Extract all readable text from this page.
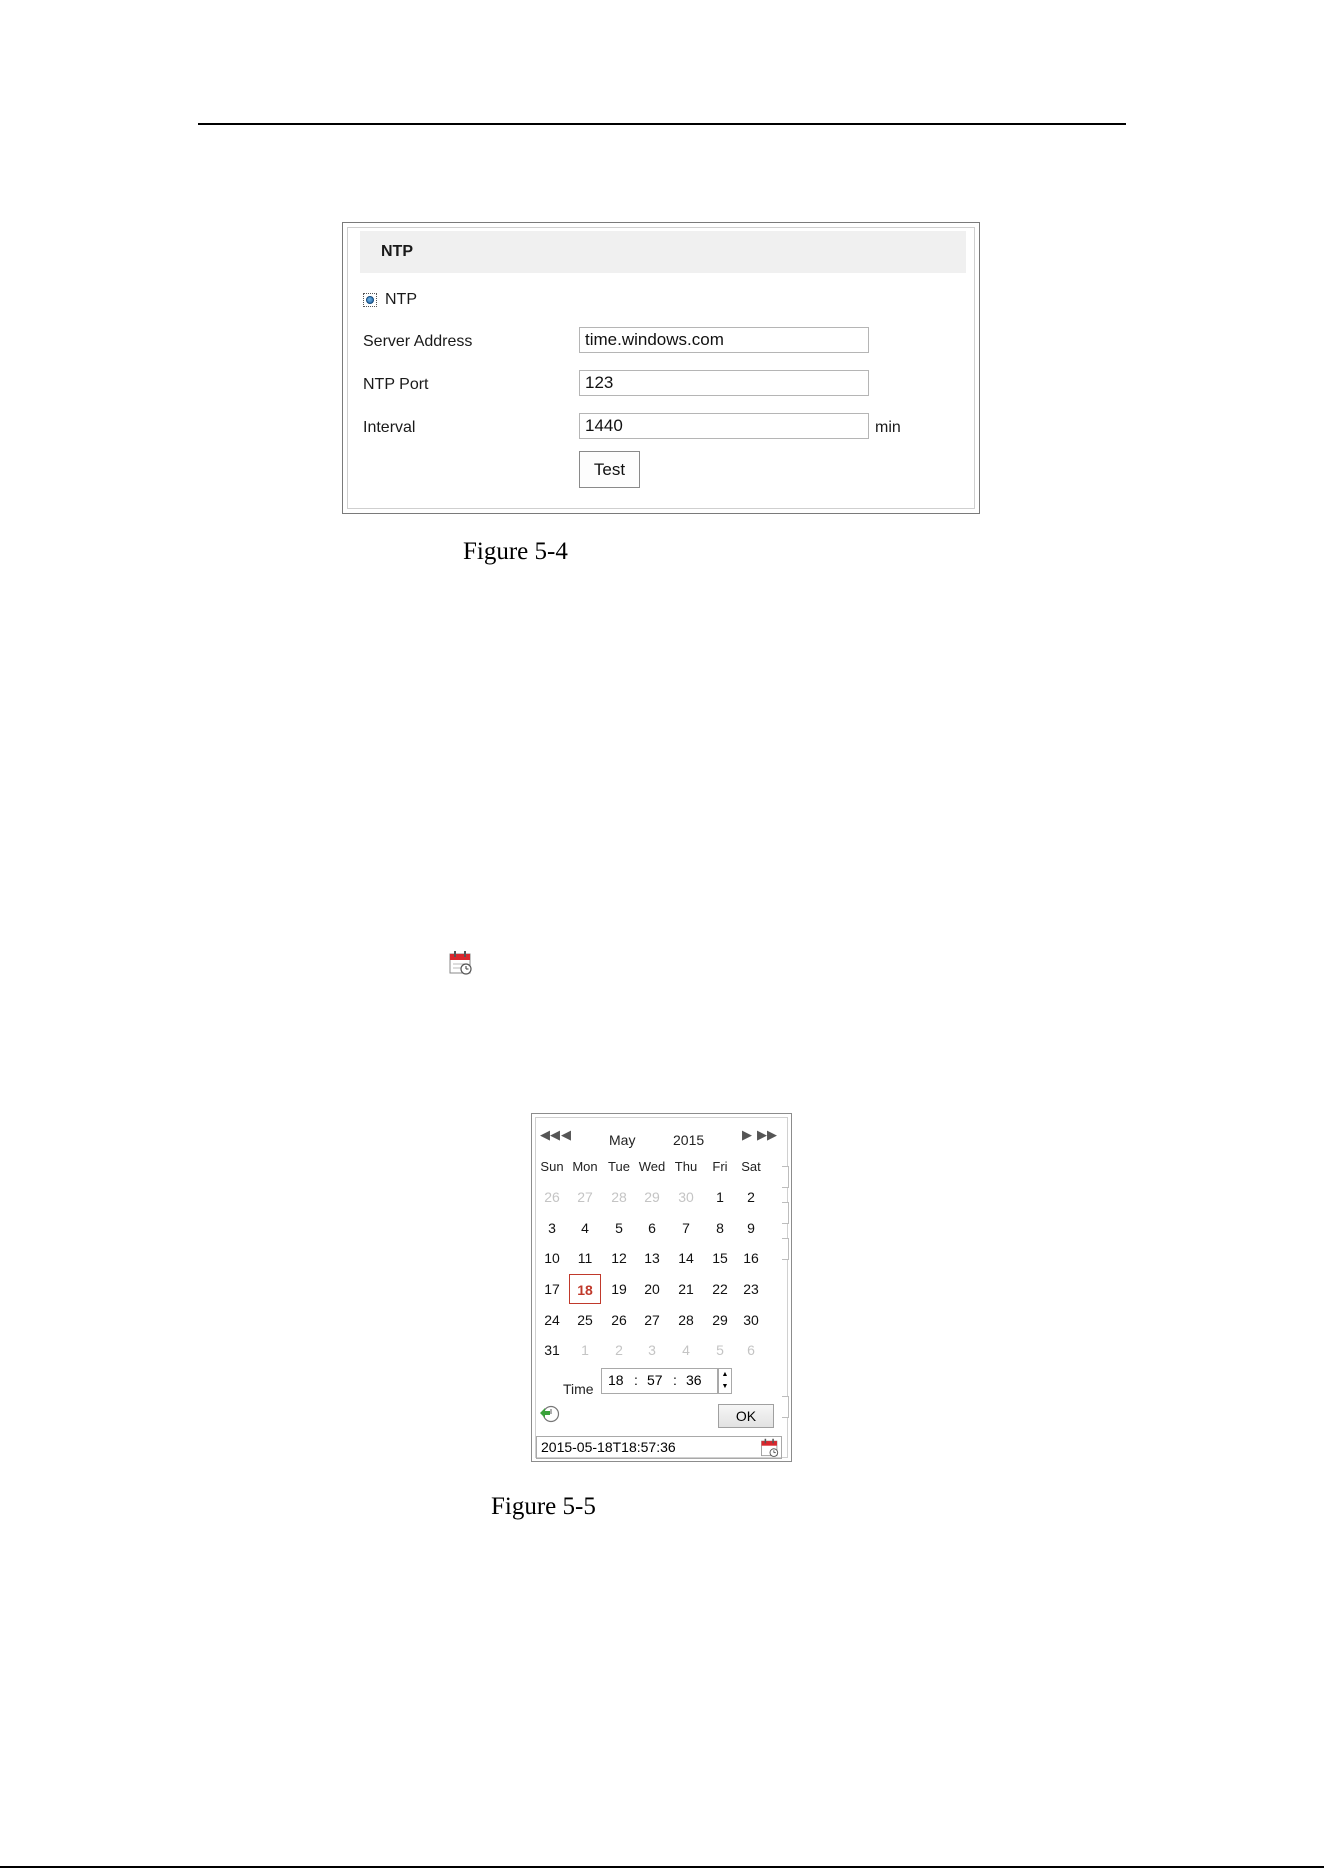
NTP
NTP
Server Address	time.windows.com
NTP Port	123
Interval	1440	min
Test
Figure 5-4
◀◀ ◀	May	2015	▶ ▶▶
Sun Mon Tue Wed Thu	Fri	Sat
26	27	28	29	30	1	2
3	4	5	6	7	8	9
10	11	12	13	14	15	16
17	18	19	20	21	22	23
24	25	26	27	28	29	30
31	1	2	3	4	5	6
Time
18 : 57 : 36	▲
▼
OK
2015-05-18T18:57:36
Figure 5-5
